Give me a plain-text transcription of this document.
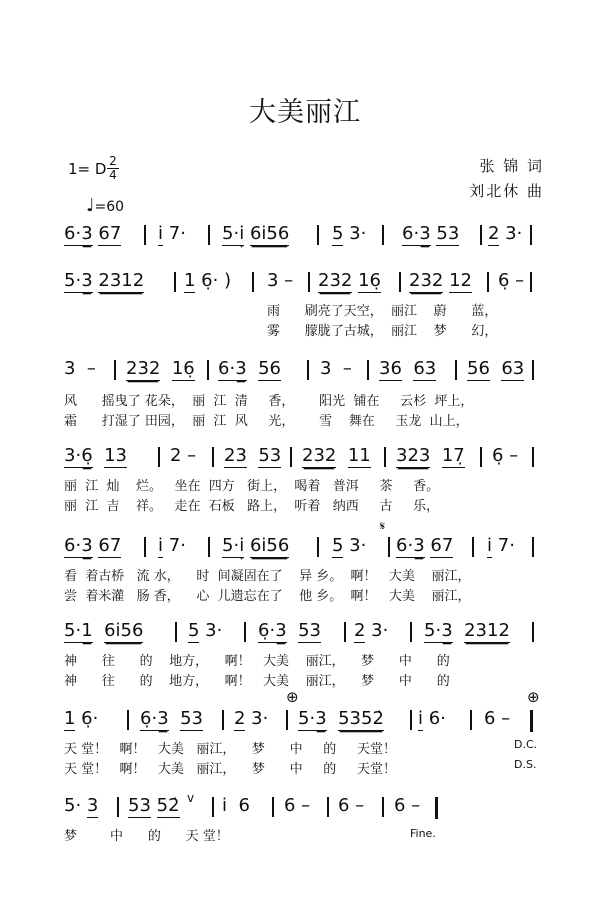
大美丽江
1= D 2
4
♩=60
张 锦 词
刘北休 曲
6·3 67 i̇ 7· 5·i̇ 6i̇56 5 3· 6·3 53 2 3·
5·3 2312 1 6̣· ) 3 – 232 16̣ 232 12 6̣ –
雨      刷亮了天空，  丽江    蔚      蓝，
雾      朦胧了古城，  丽江    梦      幻，
3  – 232 16̣ 6·3 56 3  – 36 63 56 63
风      摇曳了 花朵，  丽  江  清     香，      阳光  铺在     云杉  坪上，
霜      打湿了 田园，  丽  江  风     光，      雪    舞在     玉龙  山上，
3·6̣ 13 2 – 23 53 232 11 323 17̣ 6̣ –
丽  江  灿    烂。   坐在  四方   街上，  喝着   普洱     茶     香。
丽  江  吉    祥。   走在  石板   路上，  听着   纳西     古     乐，
𝄋
6·3 67 i̇ 7· 5·i̇ 6i̇56 5 3· 6·3 67 i̇ 7·
看  着古桥   流 水，    时  间凝固在了    异 乡。  啊！   大美    丽江，
尝  着米灌   肠 香，    心  儿遗忘在了    他 乡。  啊！   大美    丽江，
5·1 6i̇56 5 3· 6̣·3 53 2 3· 5·3 2312
神      往      的    地方，    啊！   大美    丽江，    梦      中      的
神      往      的    地方，    啊！   大美    丽江，    梦      中      的
⊕	⊕
1 6̣· 6̣·3 53 2 3· 5·3 5352̇ i̇ 6· 6 –
天 堂！   啊！   大美   丽江，    梦      中     的     天堂！
天 堂！   啊！   大美   丽江，    梦      中     的     天堂！
D.C.
D.S.
5· 3 53 52̇ v i̇  6 6 – 6 – 6 –
梦        中      的      天 堂！	Fine.
